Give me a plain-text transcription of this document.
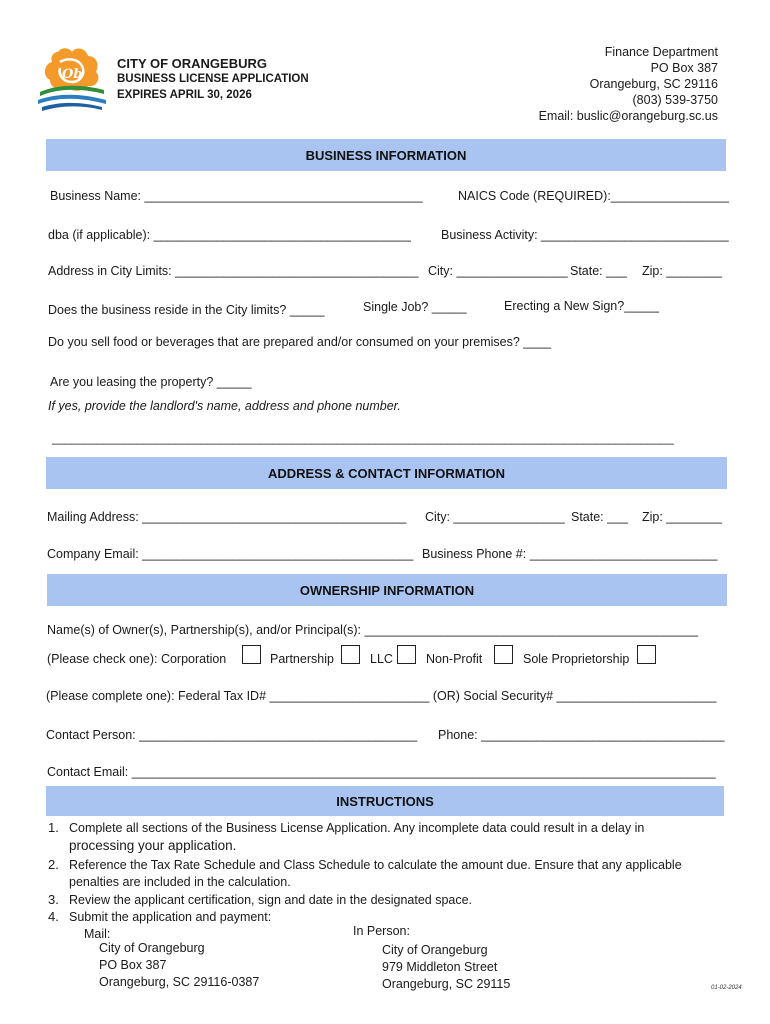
Ob
CITY OF ORANGEBURG
BUSINESS LICENSE APPLICATION
EXPIRES APRIL 30, 2026
Finance Department
PO Box 387
Orangeburg, SC 29116
(803) 539-3750
Email: buslic@orangeburg.sc.us
BUSINESS INFORMATION
Business Name: ________________________________________	NAICS Code (REQUIRED):_________________
dba (if applicable): _____________________________________ Business Activity: ___________________________
Address in City Limits: ___________________________________ City: ________________ State: ___ Zip: ________
Does the business reside in the City limits? _____	Single Job? _____	Erecting a New Sign?_____
Do you sell food or beverages that are prepared and/or consumed on your premises? ____
Are you leasing the property? _____
If yes, provide the landlord's name, address and phone number.
________________________________________________________________________________________________
ADDRESS & CONTACT INFORMATION
Mailing Address: ______________________________________ City: ________________ State: ___ Zip: ________
Company Email: _______________________________________ Business Phone #: ___________________________
OWNERSHIP INFORMATION
Name(s) of Owner(s), Partnership(s), and/or Principal(s): ________________________________________________
(Please check one): Corporation	Partnership	LLC	Non-Profit	Sole Proprietorship
(Please complete one): Federal Tax ID# _______________________ (OR) Social Security# _______________________
Contact Person: ________________________________________ Phone: ___________________________________
Contact Email: ____________________________________________________________________________________
INSTRUCTIONS
1. Complete all sections of the Business License Application. Any incomplete data could result in a delay in
processing your application.
2. Reference the Tax Rate Schedule and Class Schedule to calculate the amount due. Ensure that any applicable
penalties are included in the calculation.
3. Review the applicant certification, sign and date in the designated space.
4. Submit the application and payment:
Mail:
City of Orangeburg
PO Box 387
Orangeburg, SC 29116-0387
In Person:
City of Orangeburg
979 Middleton Street
Orangeburg, SC 29115	01-02-2024
